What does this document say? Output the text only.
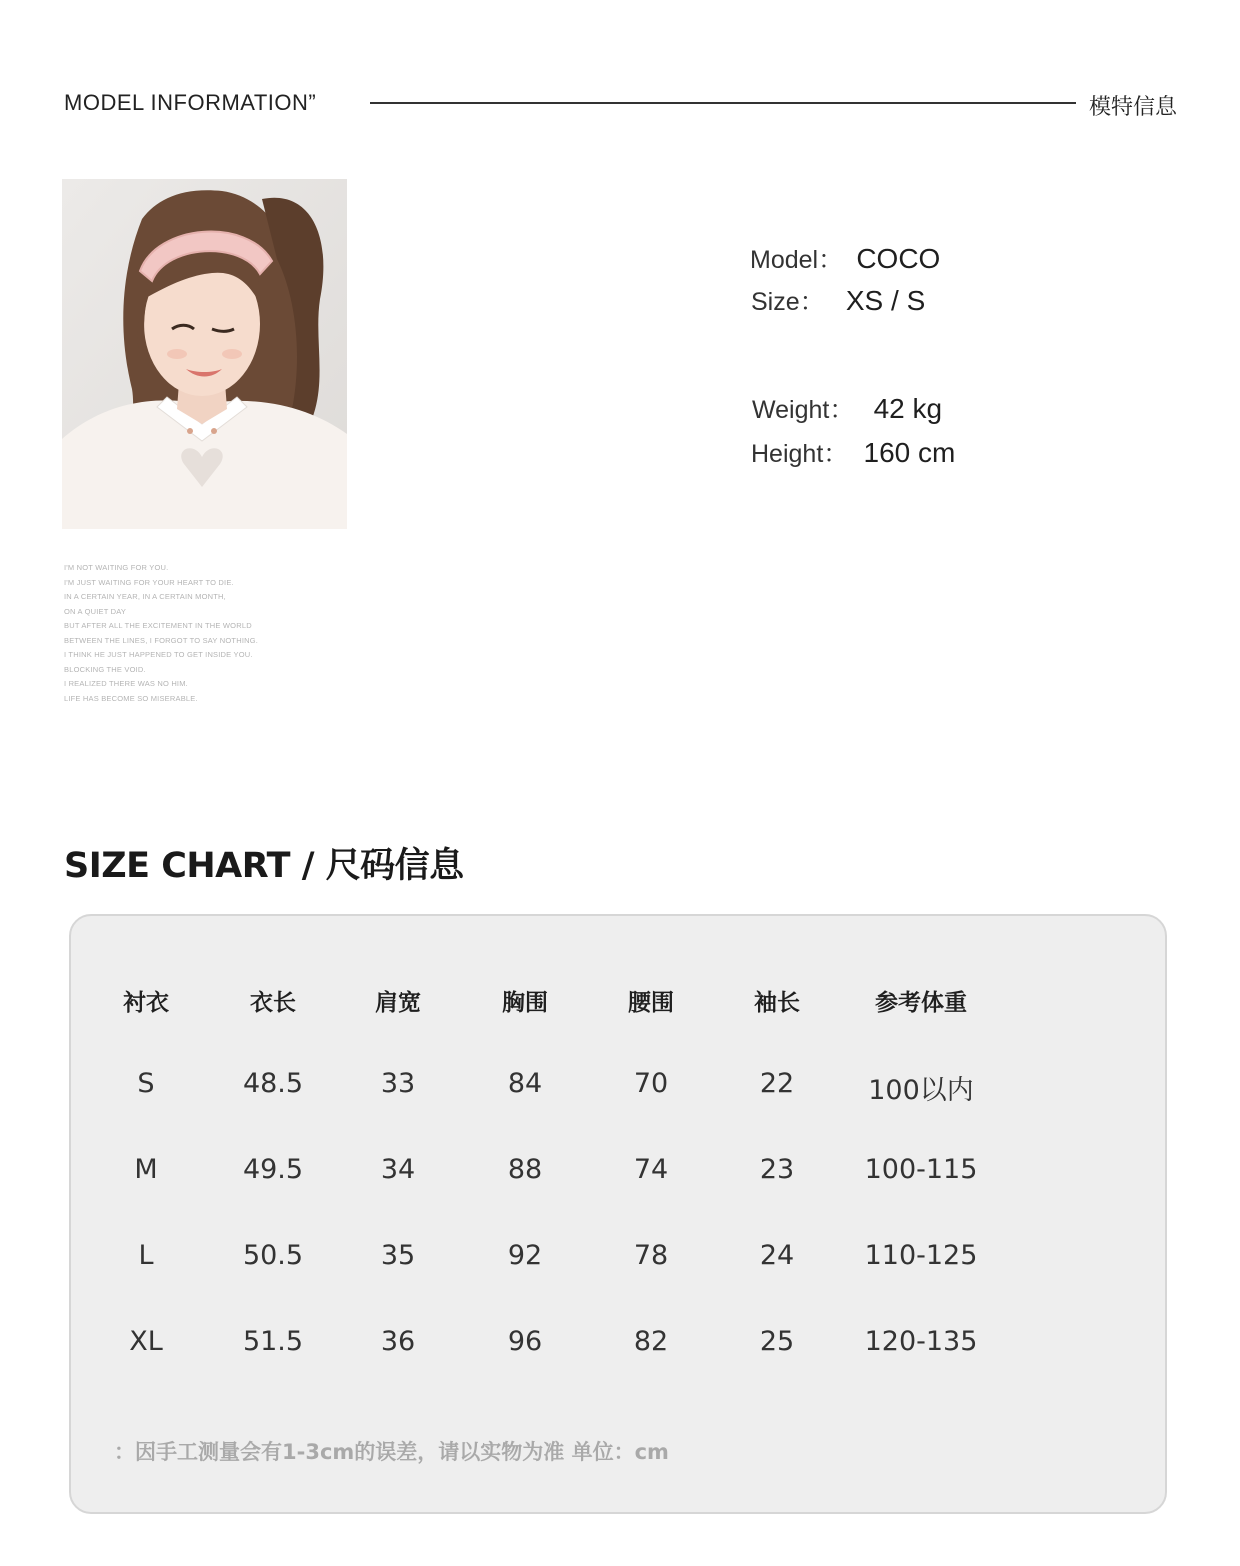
MODEL INFORMATION”	模特信息
I'M NOT WAITING FOR YOU.
I'M JUST WAITING FOR YOUR HEART TO DIE.
IN A CERTAIN YEAR, IN A CERTAIN MONTH,
ON A QUIET DAY
BUT AFTER ALL THE EXCITEMENT IN THE WORLD
BETWEEN THE LINES, I FORGOT TO SAY NOTHING.
I THINK HE JUST HAPPENED TO GET INSIDE YOU.
BLOCKING THE VOID.
I REALIZED THERE WAS NO HIM.
LIFE HAS BECOME SO MISERABLE.
Model： COCO
Size： XS / S
Weight： 42 kg
Height： 160 cm
SIZE CHART / 尺码信息
衬衣	衣长	肩宽	胸围	腰围	袖长	参考体重
S	48.5	33	84	70	22	100以内
M	49.5	34	88	74	23	100-115
L	50.5	35	92	78	24	110-125
XL	51.5	36	96	82	25	120-135
：因手工测量会有1-3cm的误差，请以实物为准 单位：cm
